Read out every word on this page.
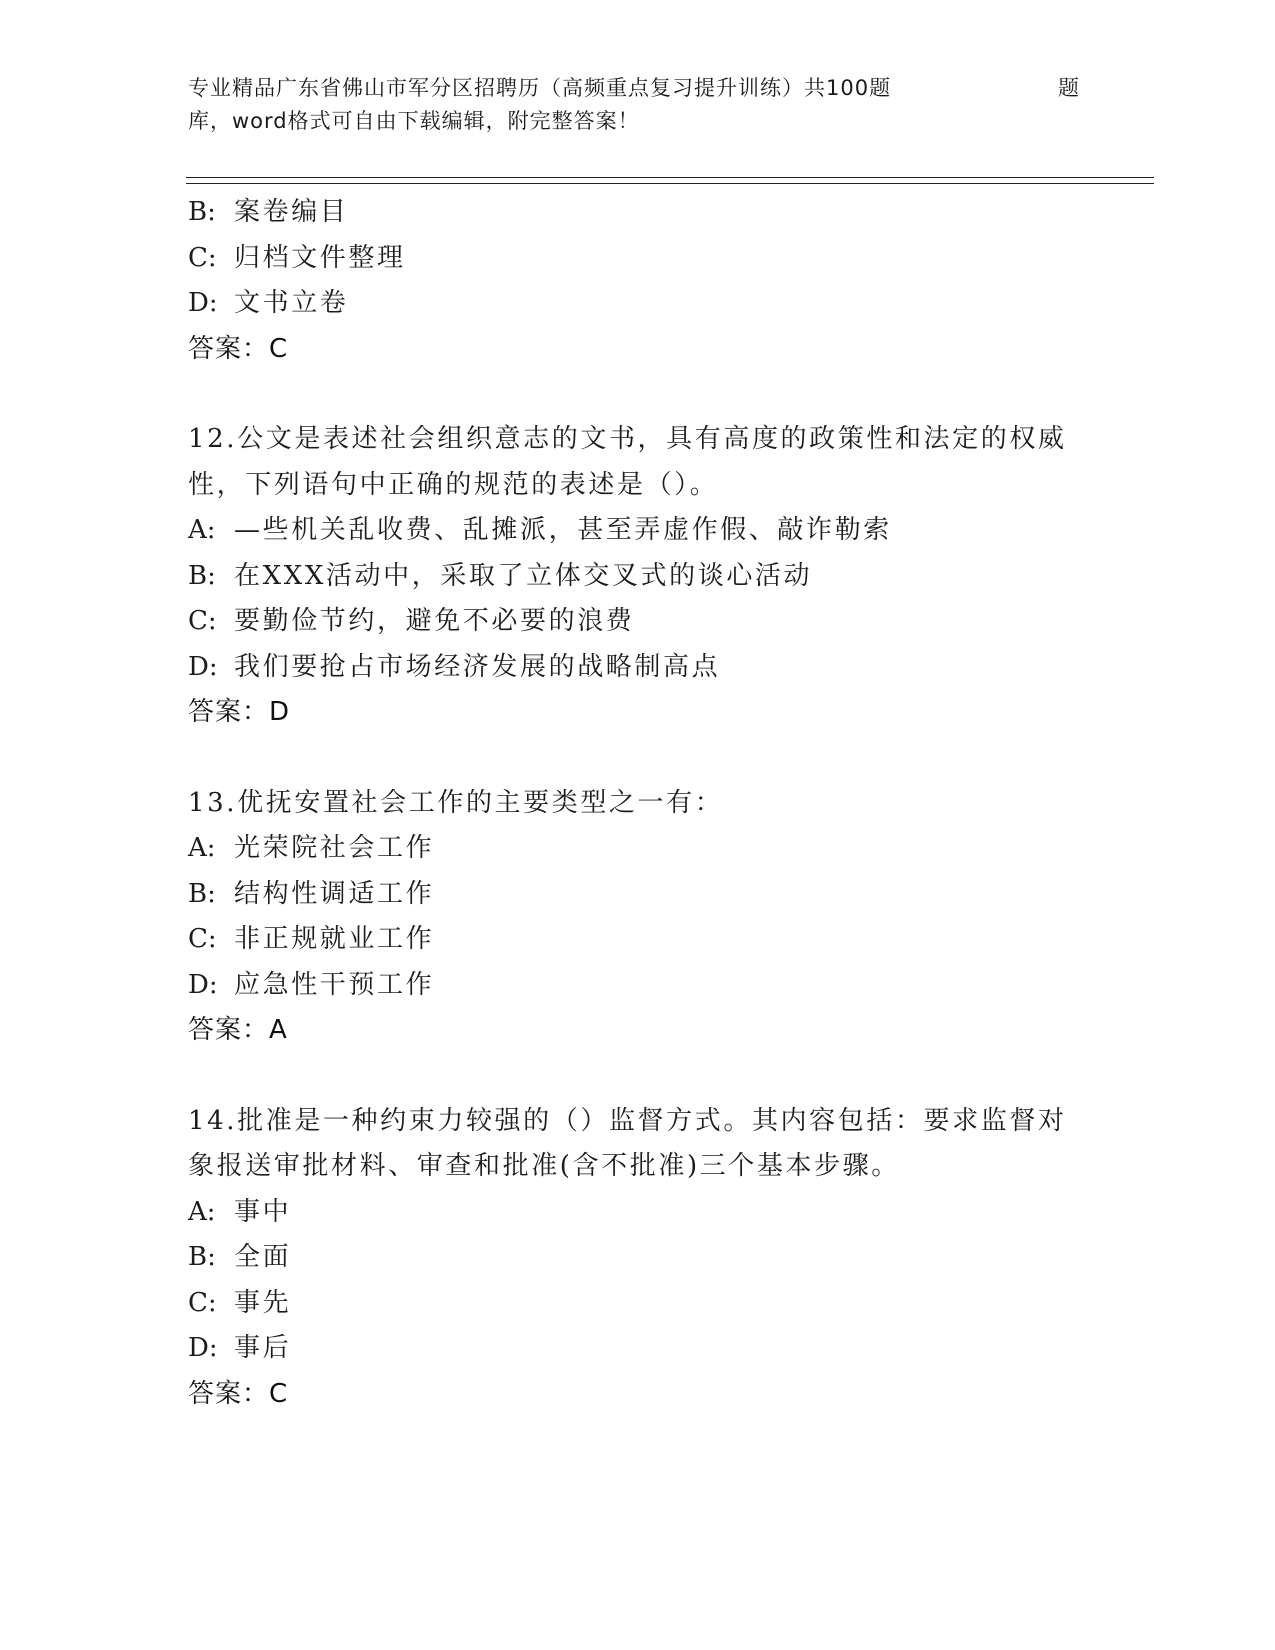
专业精品广东省佛山市军分区招聘历（高频重点复习提升训练）共100题	题
库，word格式可自由下载编辑，附完整答案！
B: 案卷编目
C: 归档文件整理
D: 文书立卷
答案：C
12.公文是表述社会组织意志的文书，具有高度的政策性和法定的权威
性，下列语句中正确的规范的表述是（）。
A: —些机关乱收费、乱摊派，甚至弄虚作假、敲诈勒索
B: 在XXX活动中，采取了立体交叉式的谈心活动
C: 要勤俭节约，避免不必要的浪费
D: 我们要抢占市场经济发展的战略制高点
答案：D
13.优抚安置社会工作的主要类型之一有：
A: 光荣院社会工作
B: 结构性调适工作
C: 非正规就业工作
D: 应急性干预工作
答案：A
14.批准是一种约束力较强的（）监督方式。其内容包括：要求监督对
象报送审批材料、审查和批准(含不批准)三个基本步骤。
A: 事中
B: 全面
C: 事先
D: 事后
答案：C
